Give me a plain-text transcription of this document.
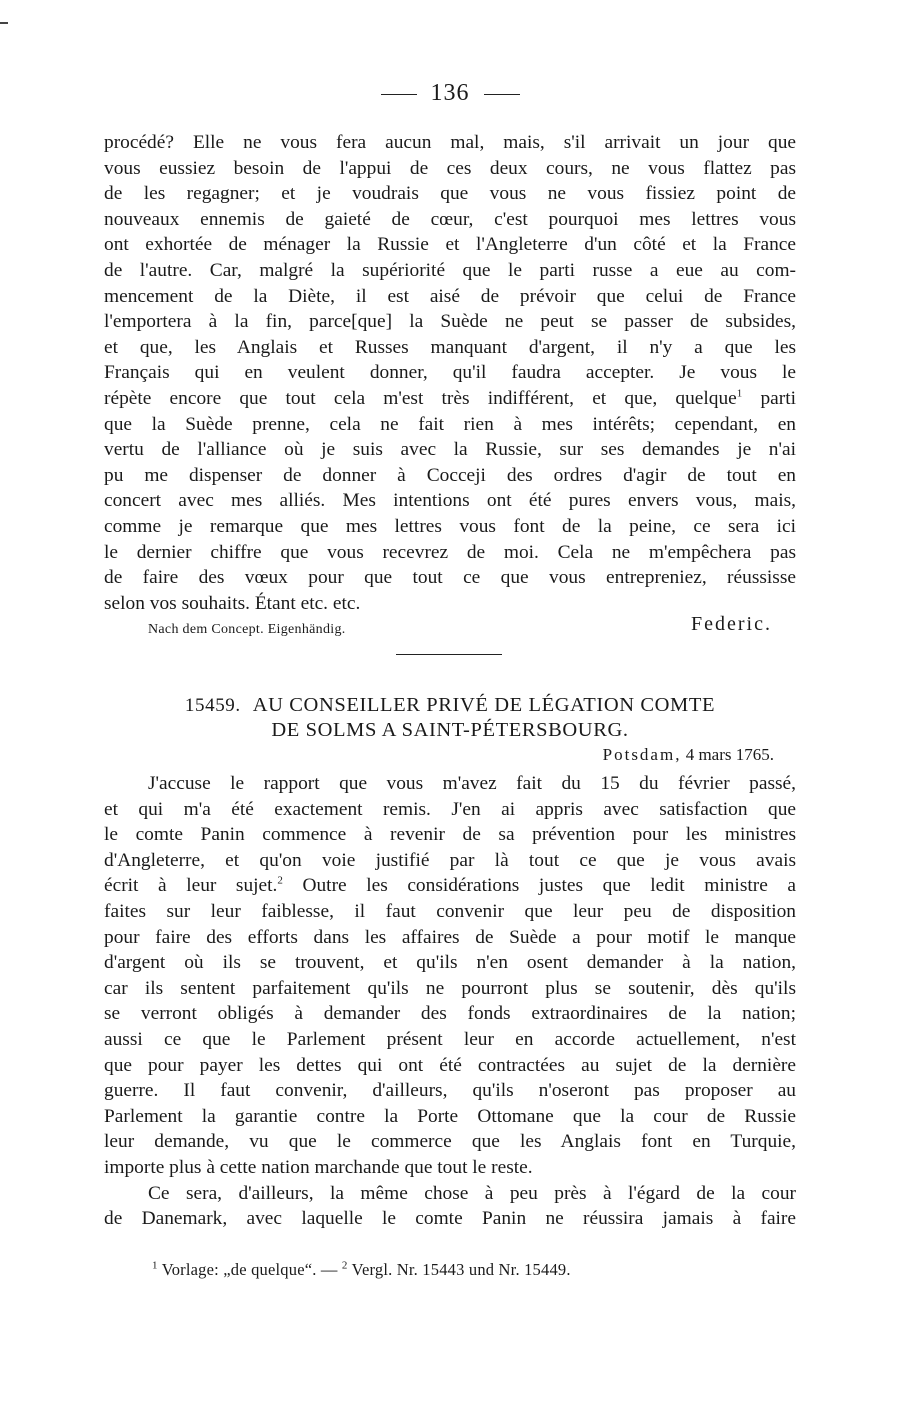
136
procédé? Elle ne vous fera aucun mal, mais, s'il arrivait un jour que
vous eussiez besoin de l'appui de ces deux cours, ne vous flattez pas
de les regagner; et je voudrais que vous ne vous fissiez point de
nouveaux ennemis de gaieté de cœur, c'est pourquoi mes lettres vous
ont exhortée de ménager la Russie et l'Angleterre d'un côté et la France
de l'autre. Car, malgré la supériorité que le parti russe a eue au com-
mencement de la Diète, il est aisé de prévoir que celui de France
l'emportera à la fin, parce[que] la Suède ne peut se passer de subsides,
et que, les Anglais et Russes manquant d'argent, il n'y a que les
Français qui en veulent donner, qu'il faudra accepter. Je vous le
répète encore que tout cela m'est très indifférent, et que, quelque$^1$ parti
que la Suède prenne, cela ne fait rien à mes intérêts; cependant, en
vertu de l'alliance où je suis avec la Russie, sur ses demandes je n'ai
pu me dispenser de donner à Cocceji des ordres d'agir de tout en
concert avec mes alliés. Mes intentions ont été pures envers vous, mais,
comme je remarque que mes lettres vous font de la peine, ce sera ici
le dernier chiffre que vous recevrez de moi. Cela ne m'empêchera pas
de faire des vœux pour que tout ce que vous entrepreniez, réussisse
selon vos souhaits. Étant etc. etc.
Nach dem Concept. Eigenhändig.	Federic.
15459. AU CONSEILLER PRIVÉ DE LÉGATION COMTE
DE SOLMS A SAINT-PÉTERSBOURG.
Potsdam, 4 mars 1765.
J'accuse le rapport que vous m'avez fait du 15 du février passé,
et qui m'a été exactement remis. J'en ai appris avec satisfaction que
le comte Panin commence à revenir de sa prévention pour les ministres
d'Angleterre, et qu'on voie justifié par là tout ce que je vous avais
écrit à leur sujet.$^2$ Outre les considérations justes que ledit ministre a
faites sur leur faiblesse, il faut convenir que leur peu de disposition
pour faire des efforts dans les affaires de Suède a pour motif le manque
d'argent où ils se trouvent, et qu'ils n'en osent demander à la nation,
car ils sentent parfaitement qu'ils ne pourront plus se soutenir, dès qu'ils
se verront obligés à demander des fonds extraordinaires de la nation;
aussi ce que le Parlement présent leur en accorde actuellement, n'est
que pour payer les dettes qui ont été contractées au sujet de la dernière
guerre. Il faut convenir, d'ailleurs, qu'ils n'oseront pas proposer au
Parlement la garantie contre la Porte Ottomane que la cour de Russie
leur demande, vu que le commerce que les Anglais font en Turquie,
importe plus à cette nation marchande que tout le reste.
Ce sera, d'ailleurs, la même chose à peu près à l'égard de la cour
de Danemark, avec laquelle le comte Panin ne réussira jamais à faire
$^1$ Vorlage: „de quelque“. — $^2$ Vergl. Nr. 15443 und Nr. 15449.
